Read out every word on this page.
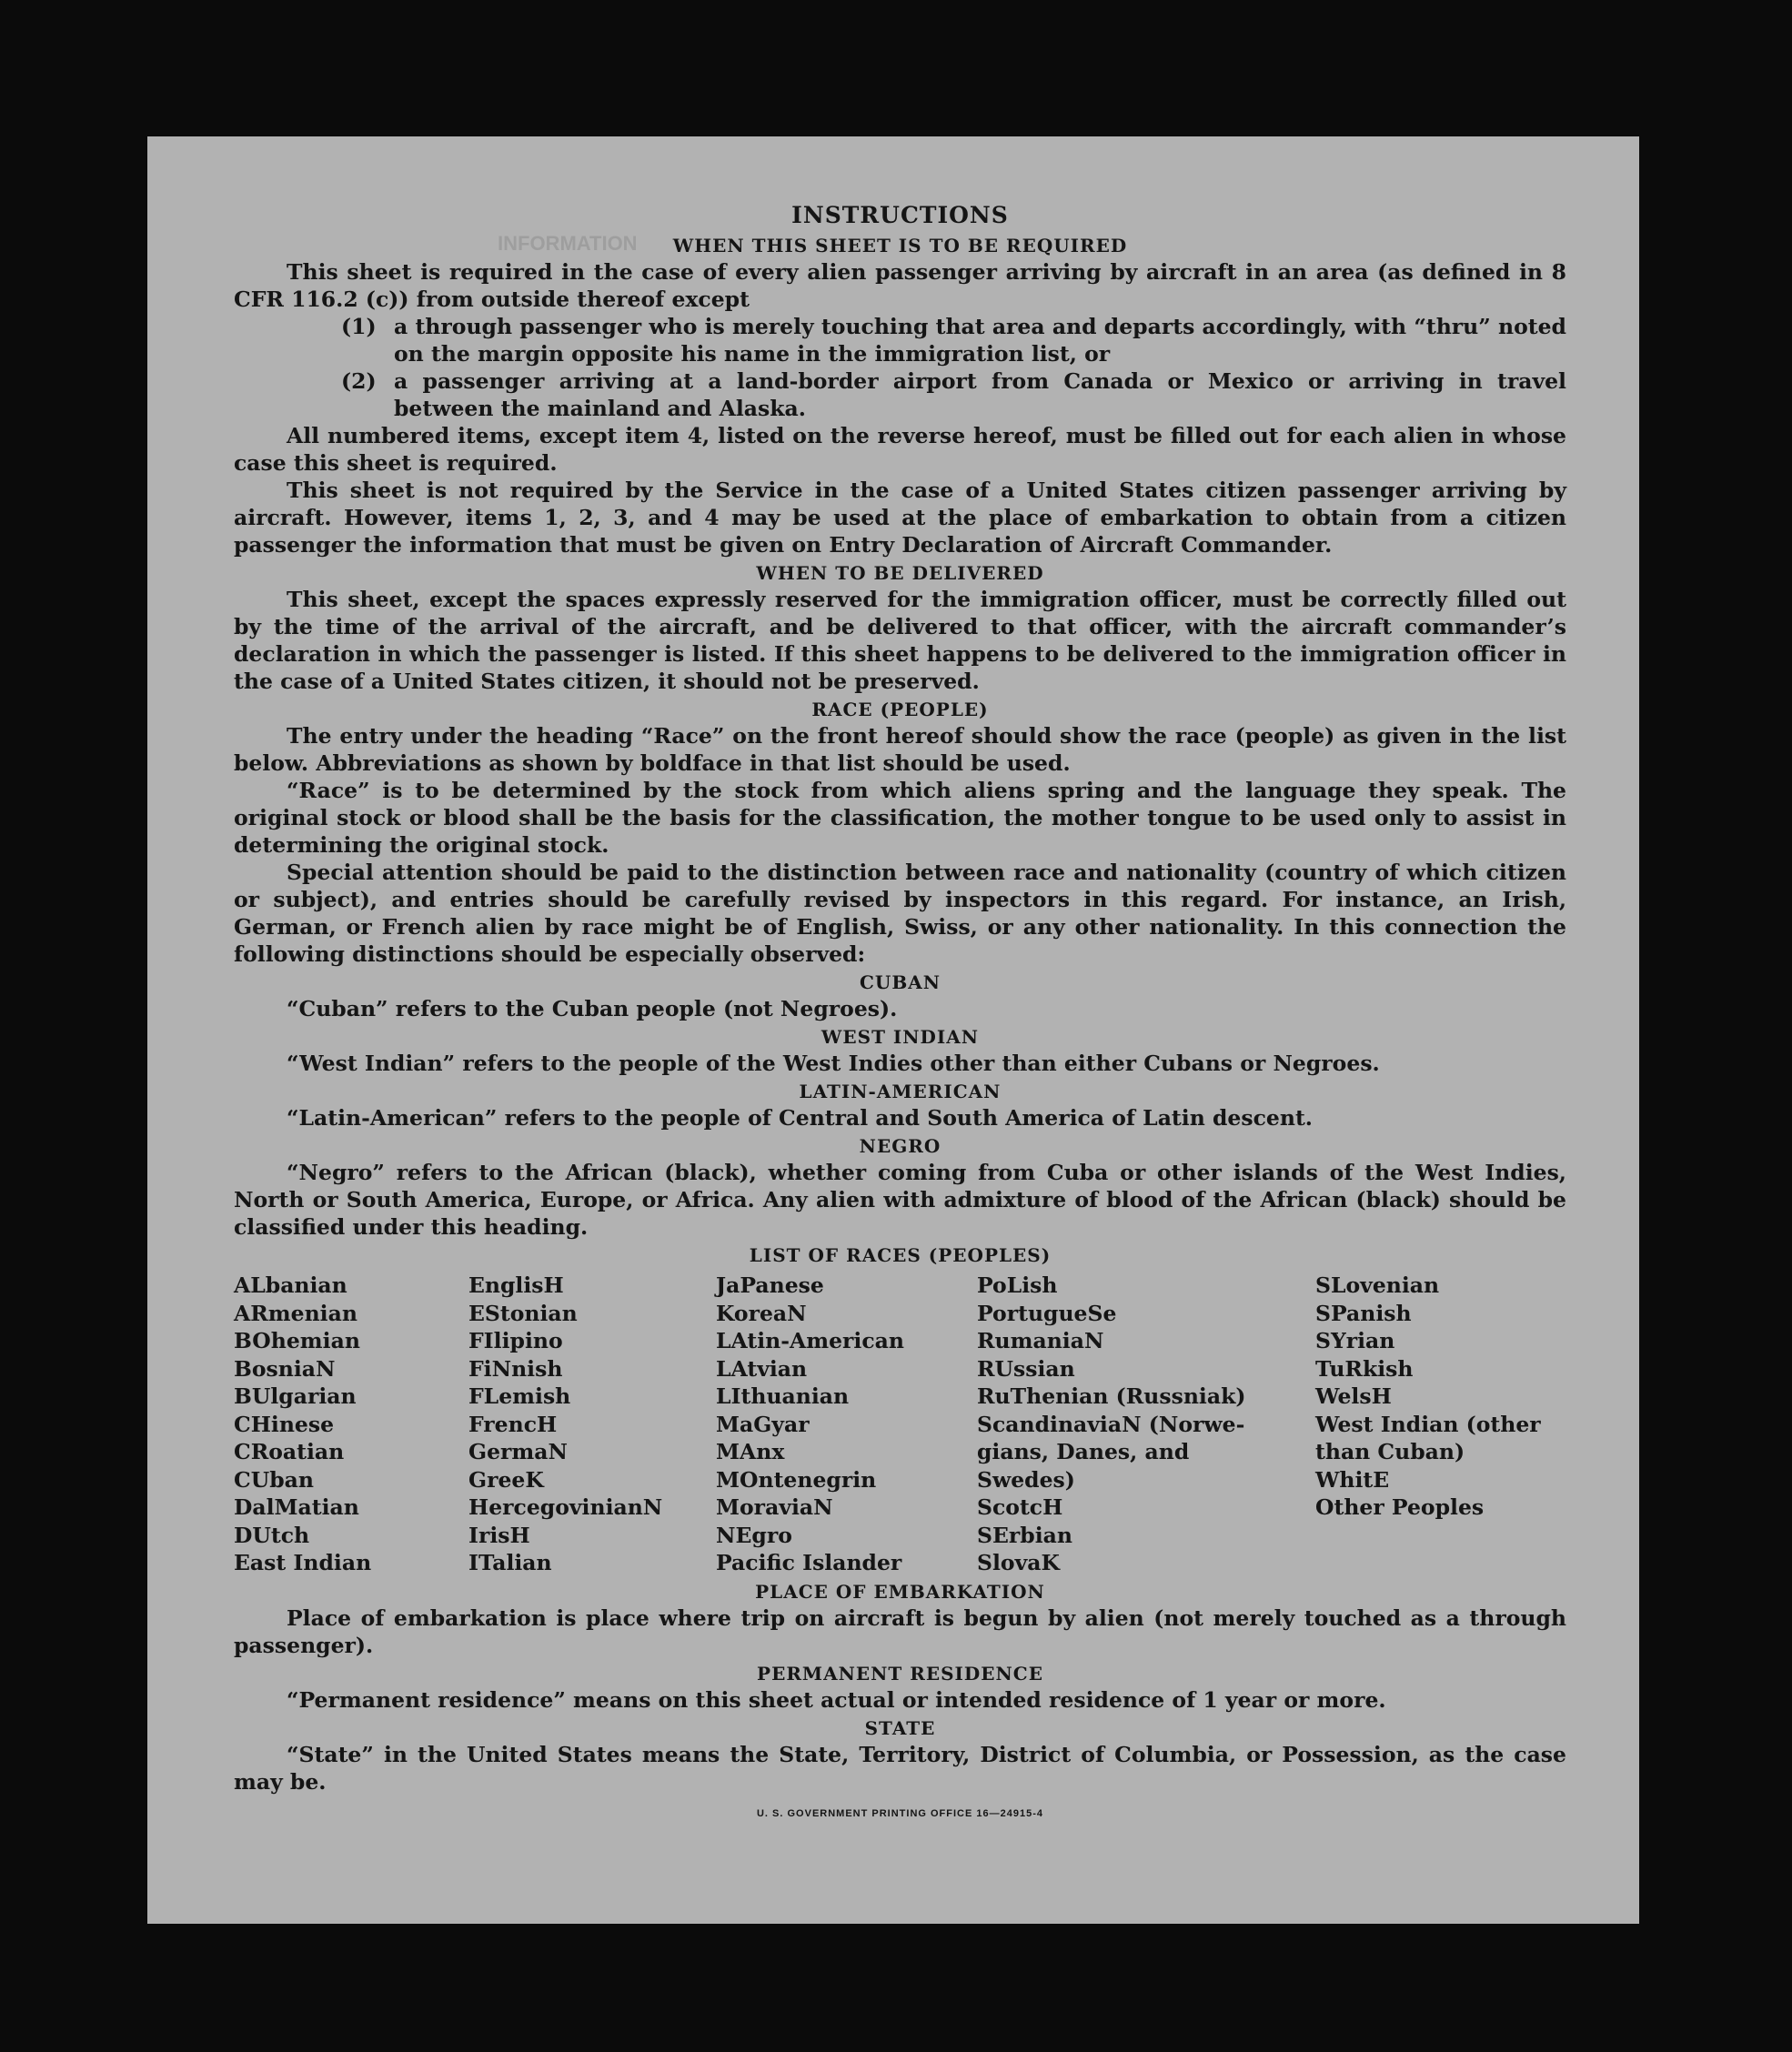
INFORMATION
INSTRUCTIONS
WHEN THIS SHEET IS TO BE REQUIRED

This sheet is required in the case of every alien passenger arriving by aircraft in an area (as defined in 8 CFR 116.2 (c)) from outside thereof except

(1) a through passenger who is merely touching that area and departs accordingly, with “thru” noted on the margin opposite his name in the immigration list, or
(2) a passenger arriving at a land-border airport from Canada or Mexico or arriving in travel between the mainland and Alaska.

All numbered items, except item 4, listed on the reverse hereof, must be filled out for each alien in whose case this sheet is required.

This sheet is not required by the Service in the case of a United States citizen passenger arriving by aircraft. However, items 1, 2, 3, and 4 may be used at the place of embarkation to obtain from a citizen passenger the information that must be given on Entry Declaration of Aircraft Commander.

WHEN TO BE DELIVERED

This sheet, except the spaces expressly reserved for the immigration officer, must be correctly filled out by the time of the arrival of the aircraft, and be delivered to that officer, with the aircraft commander’s declaration in which the passenger is listed. If this sheet happens to be delivered to the immigration officer in the case of a United States citizen, it should not be preserved.

RACE (PEOPLE)

The entry under the heading “Race” on the front hereof should show the race (people) as given in the list below. Abbreviations as shown by boldface in that list should be used.

“Race” is to be determined by the stock from which aliens spring and the language they speak. The original stock or blood shall be the basis for the classification, the mother tongue to be used only to assist in determining the original stock.

Special attention should be paid to the distinction between race and nationality (country of which citizen or subject), and entries should be carefully revised by inspectors in this regard. For instance, an Irish, German, or French alien by race might be of English, Swiss, or any other nationality. In this connection the following distinctions should be especially observed:

CUBAN

“Cuban” refers to the Cuban people (not Negroes).

WEST INDIAN

“West Indian” refers to the people of the West Indies other than either Cubans or Negroes.

LATIN-AMERICAN

“Latin-American” refers to the people of Central and South America of Latin descent.

NEGRO

“Negro” refers to the African (black), whether coming from Cuba or other islands of the West Indies, North or South America, Europe, or Africa. Any alien with admixture of blood of the African (black) should be classified under this heading.

LIST OF RACES (PEOPLES)
ALbanian
ARmenian
BOhemian
BosniaN
BUlgarian
CHinese
CRoatian
CUban
DalMatian
DUtch
East Indian
EnglisH
EStonian
FIlipino
FiNnish
FLemish
FrencH
GermaN
GreeK
HercegovinianN
IrisH
ITalian
JaPanese
KoreaN
LAtin-American
LAtvian
LIthuanian
MaGyar
MAnx
MOntenegrin
MoraviaN
NEgro
Pacific Islander
PoLish
PortugueSe
RumaniaN
RUssian
RuThenian (Russniak)
ScandinaviaN (Norwe-
gians, Danes, and
Swedes)
ScotcH
SErbian
SlovaK
SLovenian
SPanish
SYrian
TuRkish
WelsH
West Indian (other
than Cuban)
WhitE
Other Peoples
PLACE OF EMBARKATION

Place of embarkation is place where trip on aircraft is begun by alien (not merely touched as a through passenger).

PERMANENT RESIDENCE

“Permanent residence” means on this sheet actual or intended residence of 1 year or more.

STATE

“State” in the United States means the State, Territory, District of Columbia, or Possession, as the case may be.

U. S. GOVERNMENT PRINTING OFFICE 16—24915-4
